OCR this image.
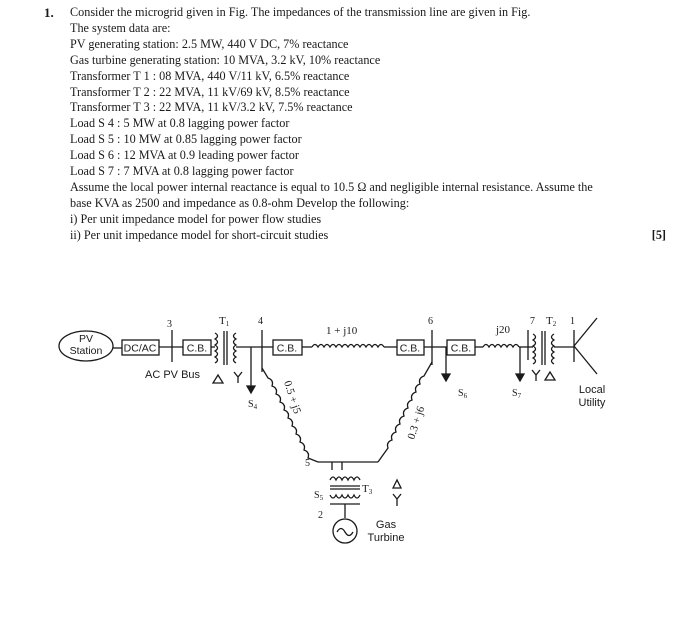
1. Consider the microgrid given in Fig. The impedances of the transmission line are given in Fig.
The system data are:
PV generating station: 2.5 MW, 440 V DC, 7% reactance
Gas turbine generating station: 10 MVA, 3.2 kV, 10% reactance
Transformer T 1 : 08 MVA, 440 V/11 kV, 6.5% reactance
Transformer T 2 : 22 MVA, 11 kV/69 kV, 8.5% reactance
Transformer T 3 : 22 MVA, 11 kV/3.2 kV, 7.5% reactance
Load S 4 : 5 MW at 0.8 lagging power factor
Load S 5 : 10 MW at 0.85 lagging power factor
Load S 6 : 12 MVA at 0.9 leading power factor
Load S 7 : 7 MVA at 0.8 lagging power factor
Assume the local power internal reactance is equal to 10.5 Ω and negligible internal resistance. Assume the
base KVA as 2500 and impedance as 0.8-ohm Develop the following:
i) Per unit impedance model for power flow studies
ii) Per unit impedance model for short-circuit studies	[5]
PV
Station DC/AC	C.B.	C.B.	C.B.	C.B.
3	4	6	7	1
5
2
T1	T2
T3
1 + j10	j20
0.5 + j5
0.3 + j6
AC PV Bus
$S_4$
$S_5$
$S_6$	$S_7$
Gas
Turbine
Local
Utility
